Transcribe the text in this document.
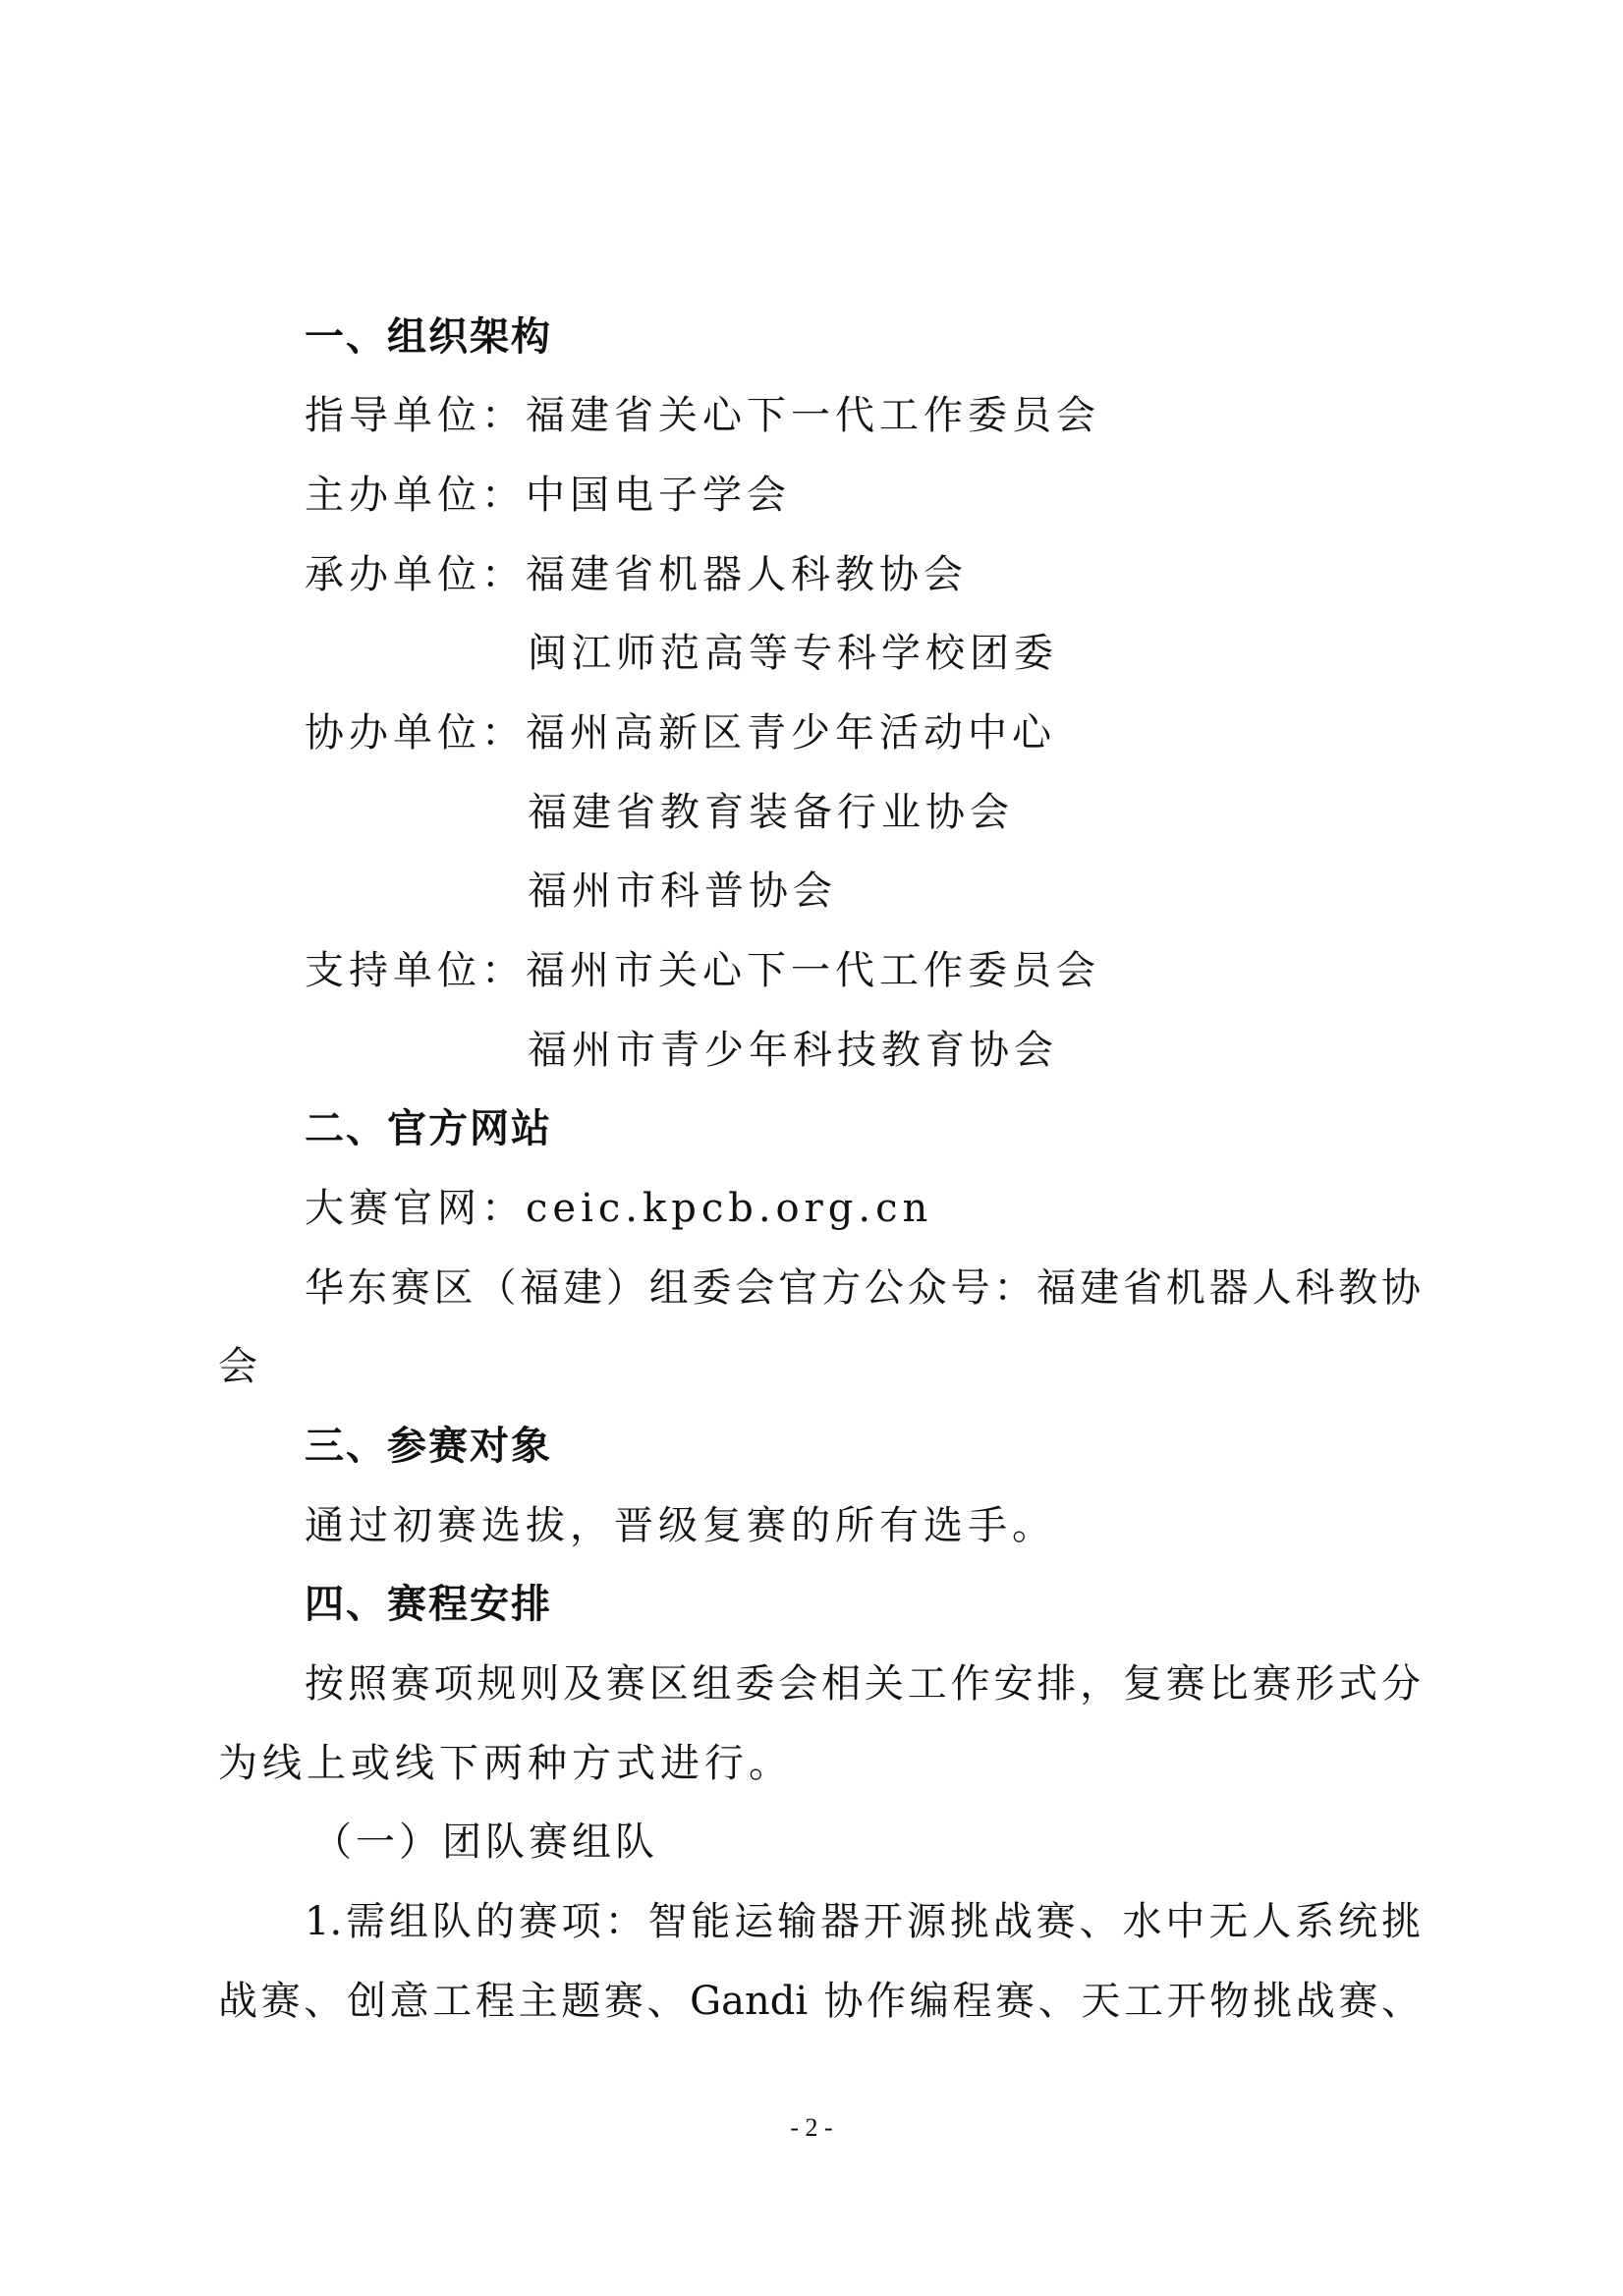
一、组织架构
指导单位：福建省关心下一代工作委员会
主办单位：中国电子学会
承办单位：福建省机器人科教协会
闽江师范高等专科学校团委
协办单位：福州高新区青少年活动中心
福建省教育装备行业协会
福州市科普协会
支持单位：福州市关心下一代工作委员会
福州市青少年科技教育协会
二、官方网站
大赛官网：ceic.kpcb.org.cn
华东赛区（福建）组委会官方公众号：福建省机器人科教协
会
三、参赛对象
通过初赛选拔，晋级复赛的所有选手。
四、赛程安排
按照赛项规则及赛区组委会相关工作安排，复赛比赛形式分
为线上或线下两种方式进行。
（一）团队赛组队
1.需组队的赛项：智能运输器开源挑战赛、水中无人系统挑
战赛、创意工程主题赛、Gandi 协作编程赛、天工开物挑战赛、
- 2 -
